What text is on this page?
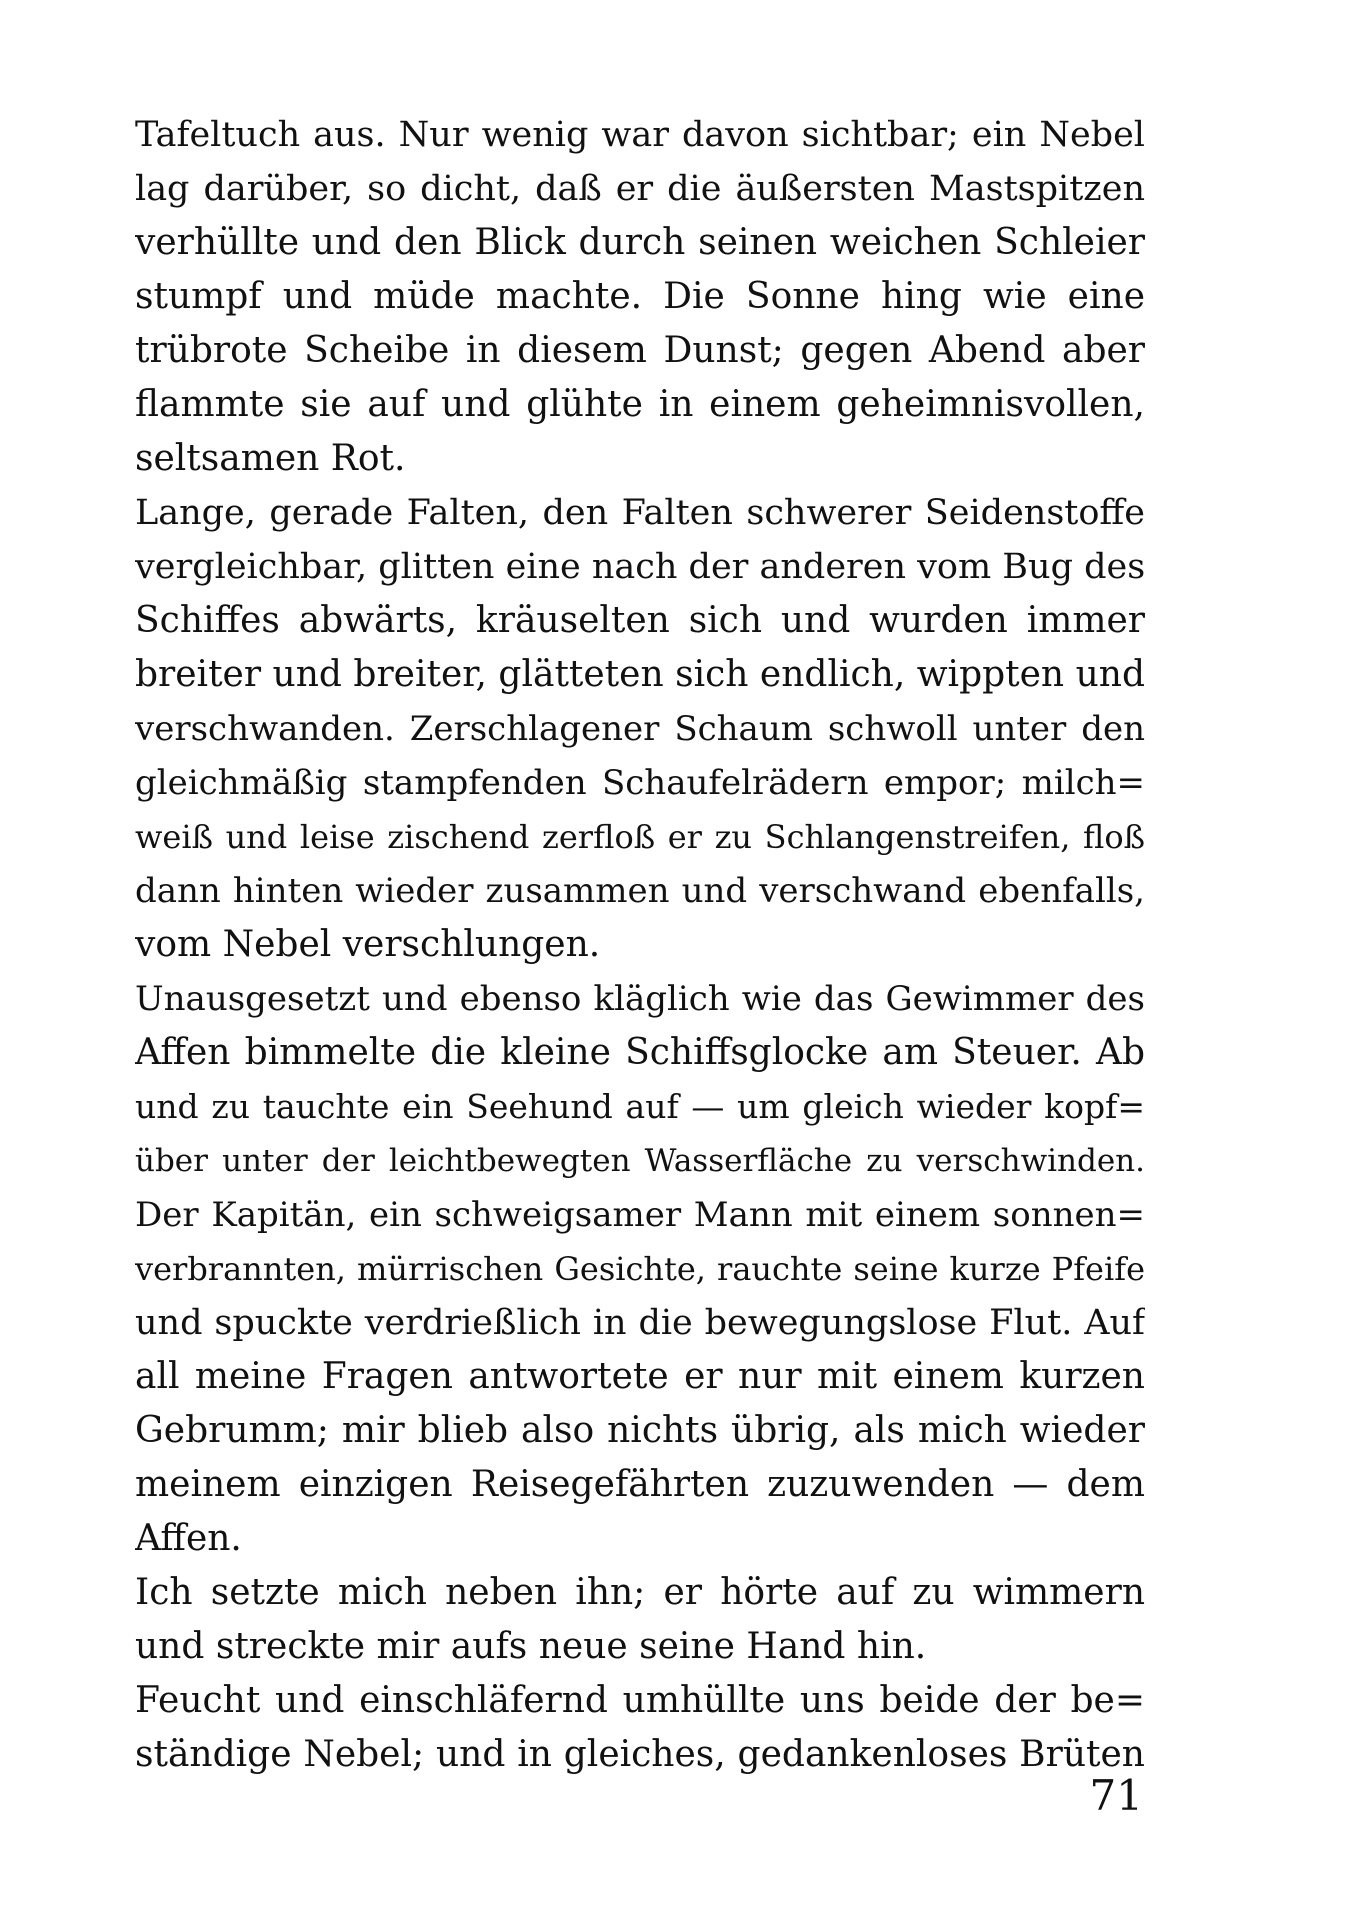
Tafeltuch aus. Nur wenig war davon sichtbar; ein Nebel
lag darüber, so dicht, daß er die äußersten Mastspitzen
verhüllte und den Blick durch seinen weichen Schleier
stumpf und müde machte. Die Sonne hing wie eine
trübrote Scheibe in diesem Dunst; gegen Abend aber
flammte sie auf und glühte in einem geheimnisvollen,
seltsamen Rot.
Lange, gerade Falten, den Falten schwerer Seidenstoffe
vergleichbar, glitten eine nach der anderen vom Bug des
Schiffes abwärts, kräuselten sich und wurden immer
breiter und breiter, glätteten sich endlich, wippten und
verschwanden. Zerschlagener Schaum schwoll unter den
gleichmäßig stampfenden Schaufelrädern empor; milch=
weiß und leise zischend zerfloß er zu Schlangenstreifen, floß
dann hinten wieder zusammen und verschwand ebenfalls,
vom Nebel verschlungen.
Unausgesetzt und ebenso kläglich wie das Gewimmer des
Affen bimmelte die kleine Schiffsglocke am Steuer. Ab
und zu tauchte ein Seehund auf — um gleich wieder kopf=
über unter der leichtbewegten Wasserfläche zu verschwinden.
Der Kapitän, ein schweigsamer Mann mit einem sonnen=
verbrannten, mürrischen Gesichte, rauchte seine kurze Pfeife
und spuckte verdrießlich in die bewegungslose Flut. Auf
all meine Fragen antwortete er nur mit einem kurzen
Gebrumm; mir blieb also nichts übrig, als mich wieder
meinem einzigen Reisegefährten zuzuwenden — dem
Affen.
Ich setzte mich neben ihn; er hörte auf zu wimmern
und streckte mir aufs neue seine Hand hin.
Feucht und einschläfernd umhüllte uns beide der be=
ständige Nebel; und in gleiches, gedankenloses Brüten
71
